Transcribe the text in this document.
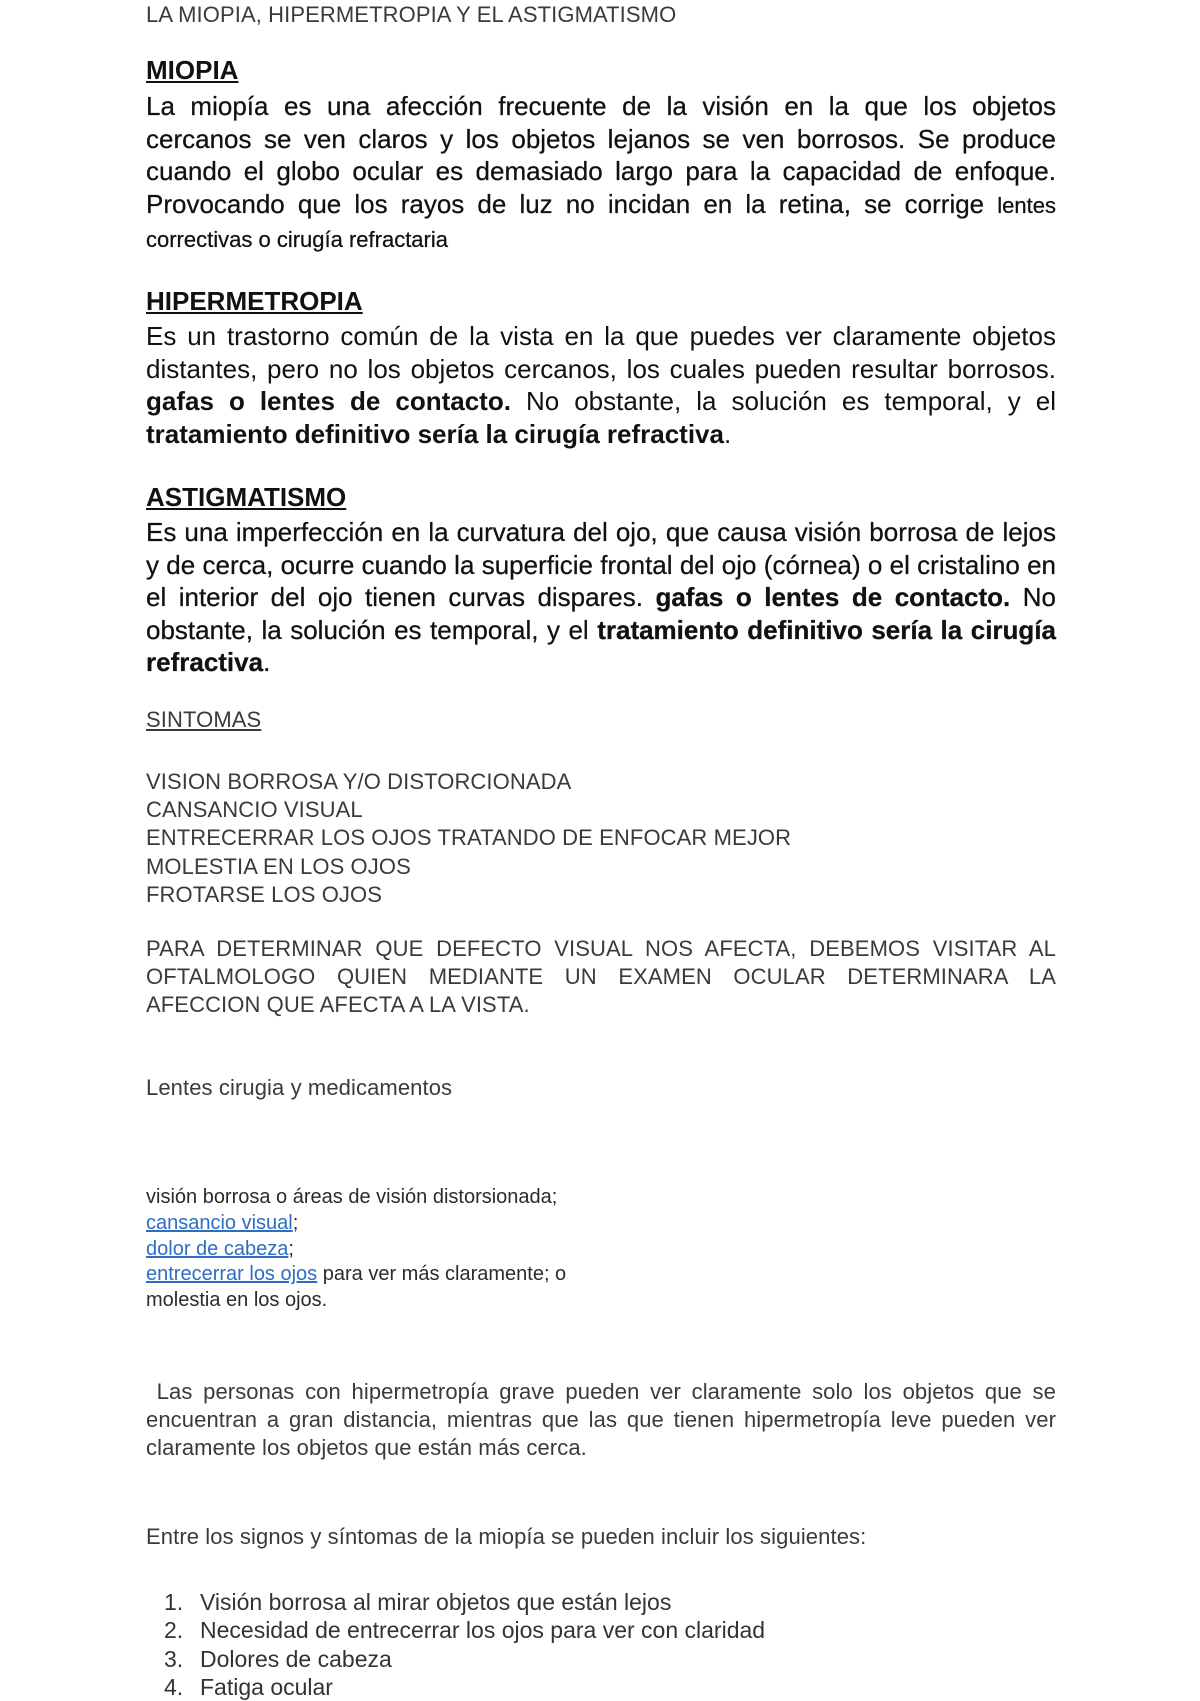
LA MIOPIA, HIPERMETROPIA Y EL ASTIGMATISMO
MIOPIA
La miopía es una afección frecuente de la visión en la que los objetos cercanos se ven claros y los objetos lejanos se ven borrosos. Se produce cuando el globo ocular es demasiado largo para la capacidad de enfoque. Provocando que los rayos de luz no incidan en la retina, se corrige lentes correctivas o cirugía refractaria
HIPERMETROPIA
Es un trastorno común de la vista en la que puedes ver claramente objetos distantes, pero no los objetos cercanos, los cuales pueden resultar borrosos. gafas o lentes de contacto. No obstante, la solución es temporal, y el tratamiento definitivo sería la cirugía refractiva.
ASTIGMATISMO
Es una imperfección en la curvatura del ojo, que causa visión borrosa de lejos y de cerca, ocurre cuando la superficie frontal del ojo (córnea) o el cristalino en el interior del ojo tienen curvas dispares. gafas o lentes de contacto. No obstante, la solución es temporal, y el tratamiento definitivo sería la cirugía refractiva.
SINTOMAS
VISION BORROSA Y/O DISTORCIONADA
CANSANCIO VISUAL
ENTRECERRAR LOS OJOS TRATANDO DE ENFOCAR MEJOR
MOLESTIA EN LOS OJOS
FROTARSE LOS OJOS
PARA DETERMINAR QUE DEFECTO VISUAL NOS AFECTA, DEBEMOS VISITAR AL OFTALMOLOGO QUIEN MEDIANTE UN EXAMEN OCULAR DETERMINARA LA AFECCION QUE AFECTA A LA VISTA.
Lentes cirugia y medicamentos
visión borrosa o áreas de visión distorsionada;
cansancio visual;
dolor de cabeza;
entrecerrar los ojos para ver más claramente; o
molestia en los ojos.
Las personas con hipermetropía grave pueden ver claramente solo los objetos que se encuentran a gran distancia, mientras que las que tienen hipermetropía leve pueden ver claramente los objetos que están más cerca.
Entre los signos y síntomas de la miopía se pueden incluir los siguientes:
1. Visión borrosa al mirar objetos que están lejos
2. Necesidad de entrecerrar los ojos para ver con claridad
3. Dolores de cabeza
4. Fatiga ocular
